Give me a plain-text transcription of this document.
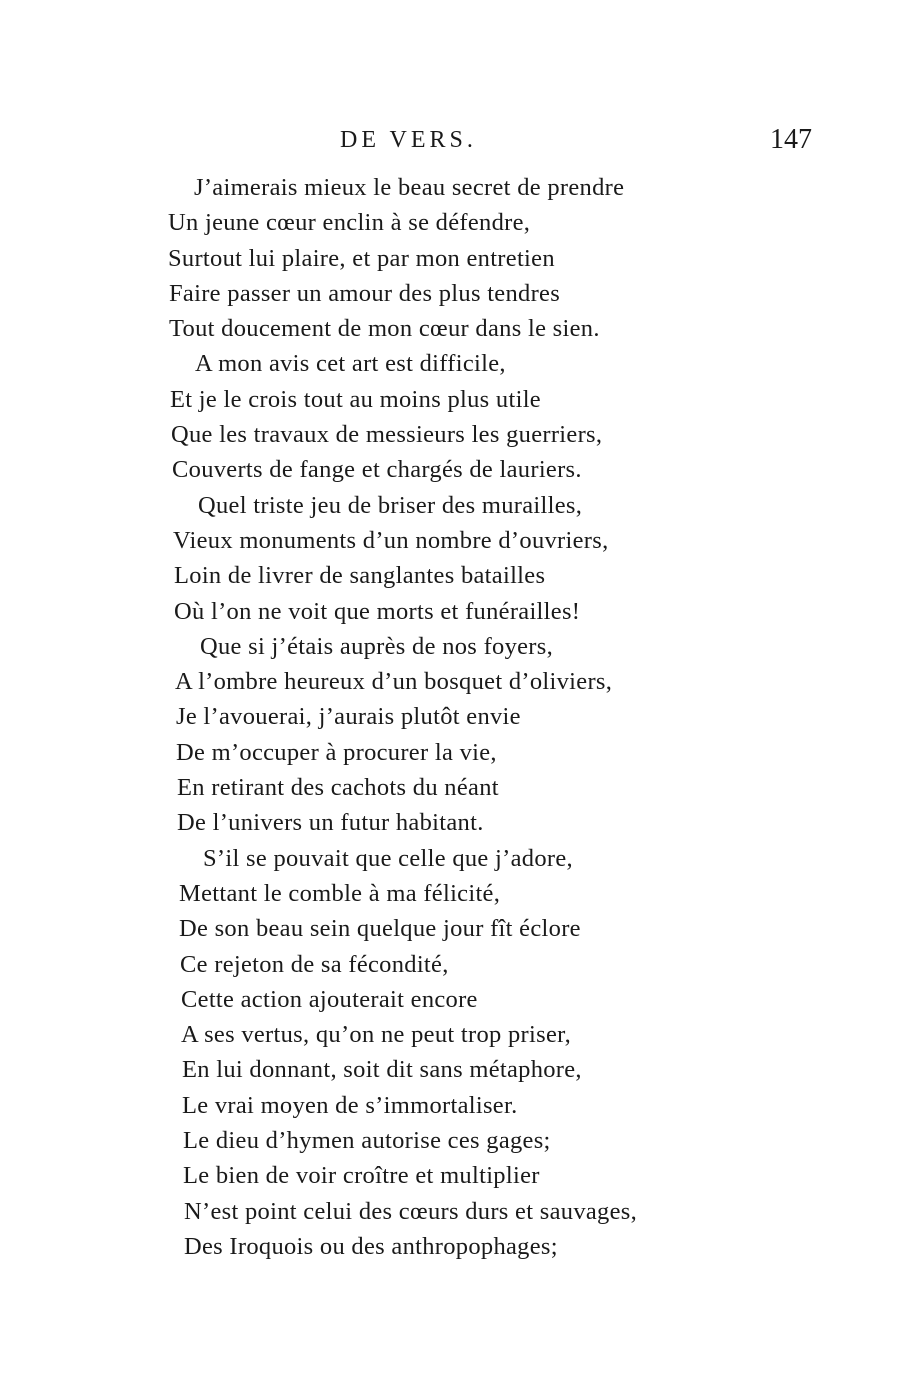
DE VERS.	147
J’aimerais mieux le beau secret de prendre
Un jeune cœur enclin à se défendre,
Surtout lui plaire, et par mon entretien
Faire passer un amour des plus tendres
Tout doucement de mon cœur dans le sien.
A mon avis cet art est difficile,
Et je le crois tout au moins plus utile
Que les travaux de messieurs les guerriers,
Couverts de fange et chargés de lauriers.
Quel triste jeu de briser des murailles,
Vieux monuments d’un nombre d’ouvriers,
Loin de livrer de sanglantes batailles
Où l’on ne voit que morts et funérailles!
Que si j’étais auprès de nos foyers,
A l’ombre heureux d’un bosquet d’oliviers,
Je l’avouerai, j’aurais plutôt envie
De m’occuper à procurer la vie,
En retirant des cachots du néant
De l’univers un futur habitant.
S’il se pouvait que celle que j’adore,
Mettant le comble à ma félicité,
De son beau sein quelque jour fît éclore
Ce rejeton de sa fécondité,
Cette action ajouterait encore
A ses vertus, qu’on ne peut trop priser,
En lui donnant, soit dit sans métaphore,
Le vrai moyen de s’immortaliser.
Le dieu d’hymen autorise ces gages;
Le bien de voir croître et multiplier
N’est point celui des cœurs durs et sauvages,
Des Iroquois ou des anthropophages;
